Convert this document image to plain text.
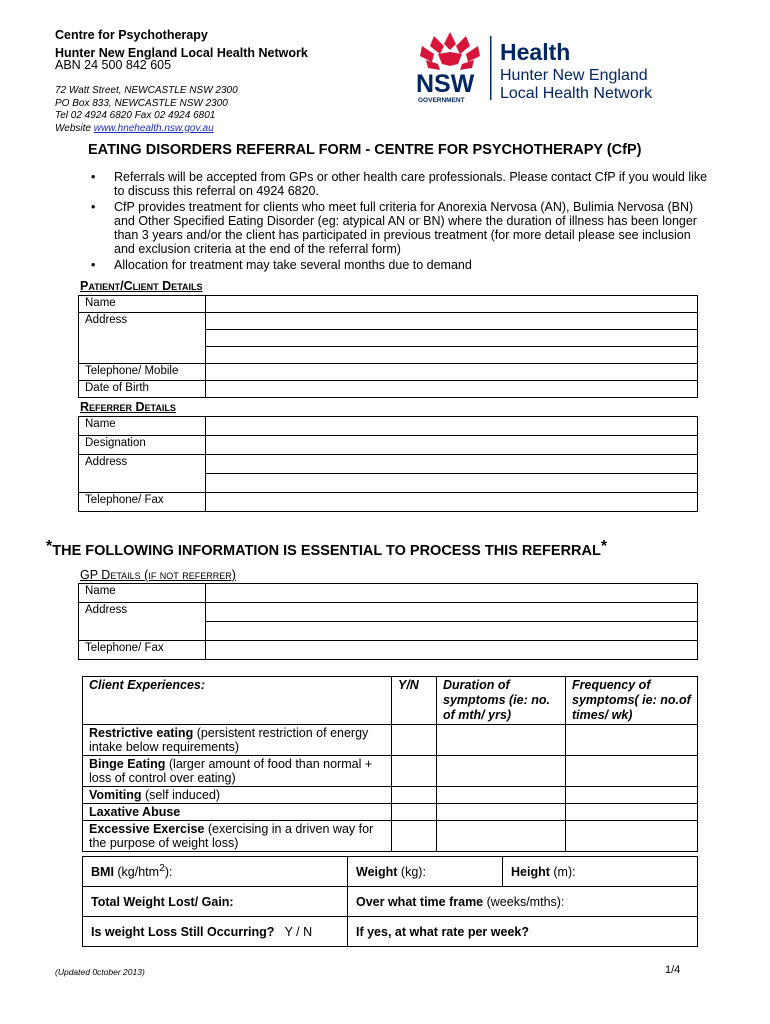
Centre for Psychotherapy
Hunter New England Local Health Network
ABN 24 500 842 605
72 Watt Street, NEWCASTLE NSW 2300
PO Box 833, NEWCASTLE NSW 2300
Tel 02 4924 6820 Fax 02 4924 6801
Website www.hnehealth.nsw.gov.au
NSW
GOVERNMENT
Health
Hunter New England
Local Health Network
EATING DISORDERS REFERRAL FORM - CENTRE FOR PSYCHOTHERAPY (CfP)
• Referrals will be accepted from GPs or other health care professionals. Please contact CfP if you would like to discuss this referral on 4924 6820.
• CfP provides treatment for clients who meet full criteria for Anorexia Nervosa (AN), Bulimia Nervosa (BN) and Other Specified Eating Disorder (eg: atypical AN or BN) where the duration of illness has been longer than 3 years and/or the client has participated in previous treatment (for more detail please see inclusion and exclusion criteria at the end of the referral form)
• Allocation for treatment may take several months due to demand
Patient/Client Details
Name	
Address	

Telephone/ Mobile	
Date of Birth	
Referrer Details
Name	
Designation	
Address	

Telephone/ Fax	
*THE FOLLOWING INFORMATION IS ESSENTIAL TO PROCESS THIS REFERRAL*
GP Details (if not referrer)
Name	
Address	

Telephone/ Fax	
Client Experiences:	Y/N	Duration of symptoms (ie: no. of mth/ yrs)	Frequency of symptoms( ie: no.of times/ wk)
Restrictive eating (persistent restriction of energy intake below requirements)			
Binge Eating (larger amount of food than normal + loss of control over eating)			
Vomiting (self induced)			
Laxative Abuse			
Excessive Exercise (exercising in a driven way for the purpose of weight loss)			
BMI (kg/htm$^2$):	Weight (kg):	Height (m):
Total Weight Lost/ Gain:	Over what time frame (weeks/mths):	
Is weight Loss Still Occurring?   Y / N	If yes, at what rate per week?	
(Updated 0ctober 2013)	1/4
